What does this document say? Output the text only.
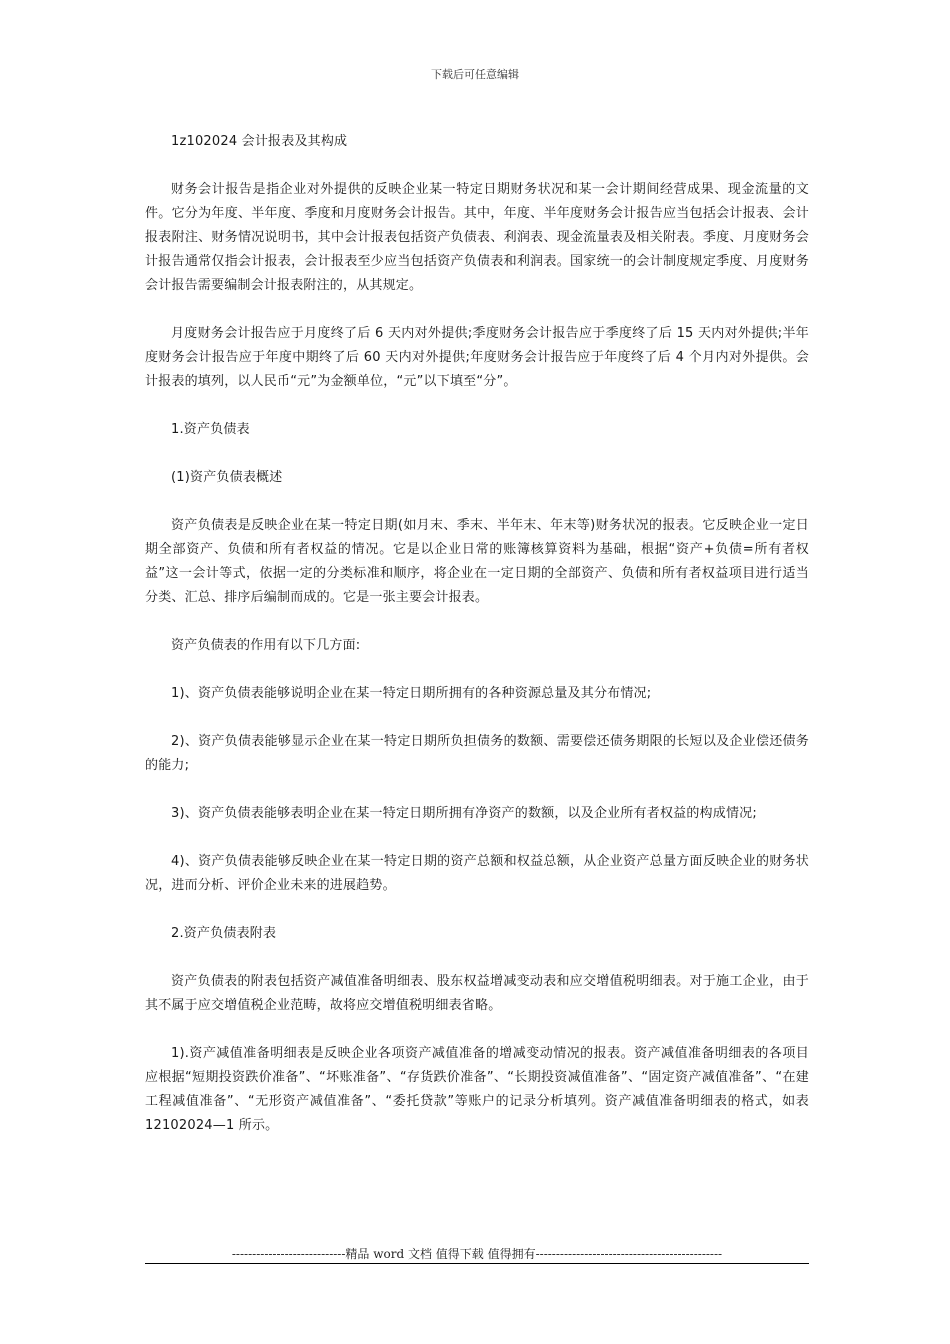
下载后可任意编辑

1z102024 会计报表及其构成

财务会计报告是指企业对外提供的反映企业某一特定日期财务状况和某一会计期间经营成果、现金流量的文件。它分为年度、半年度、季度和月度财务会计报告。其中，年度、半年度财务会计报告应当包括会计报表、会计报表附注、财务情况说明书，其中会计报表包括资产负债表、利润表、现金流量表及相关附表。季度、月度财务会计报告通常仅指会计报表，会计报表至少应当包括资产负债表和利润表。国家统一的会计制度规定季度、月度财务会计报告需要编制会计报表附注的，从其规定。

月度财务会计报告应于月度终了后 6 天内对外提供;季度财务会计报告应于季度终了后 15 天内对外提供;半年度财务会计报告应于年度中期终了后 60 天内对外提供;年度财务会计报告应于年度终了后 4 个月内对外提供。会计报表的填列，以人民币“元”为金额单位，“元”以下填至“分”。

1.资产负债表

(1)资产负债表概述

资产负债表是反映企业在某一特定日期(如月末、季末、半年末、年末等)财务状况的报表。它反映企业一定日期全部资产、负债和所有者权益的情况。它是以企业日常的账簿核算资料为基础，根据“资产+负债=所有者权益”这一会计等式，依据一定的分类标准和顺序，将企业在一定日期的全部资产、负债和所有者权益项目进行适当分类、汇总、排序后编制而成的。它是一张主要会计报表。

资产负债表的作用有以下几方面:

1)、资产负债表能够说明企业在某一特定日期所拥有的各种资源总量及其分布情况;

2)、资产负债表能够显示企业在某一特定日期所负担债务的数额、需要偿还债务期限的长短以及企业偿还债务的能力;

3)、资产负债表能够表明企业在某一特定日期所拥有净资产的数额，以及企业所有者权益的构成情况;

4)、资产负债表能够反映企业在某一特定日期的资产总额和权益总额，从企业资产总量方面反映企业的财务状况，进而分析、评价企业未来的进展趋势。

2.资产负债表附表

资产负债表的附表包括资产减值准备明细表、股东权益增减变动表和应交增值税明细表。对于施工企业，由于其不属于应交增值税企业范畴，故将应交增值税明细表省略。

1).资产减值准备明细表是反映企业各项资产减值准备的增减变动情况的报表。资产减值准备明细表的各项目应根据“短期投资跌价准备”、“坏账准备”、“存货跌价准备”、“长期投资减值准备”、“固定资产减值准备”、“在建工程减值准备”、“无形资产减值准备”、“委托贷款”等账户的记录分析填列。资产减值准备明细表的格式，如表 12102024—1 所示。

----------------------------精品 word 文档 值得下载 值得拥有----------------------------------------------
